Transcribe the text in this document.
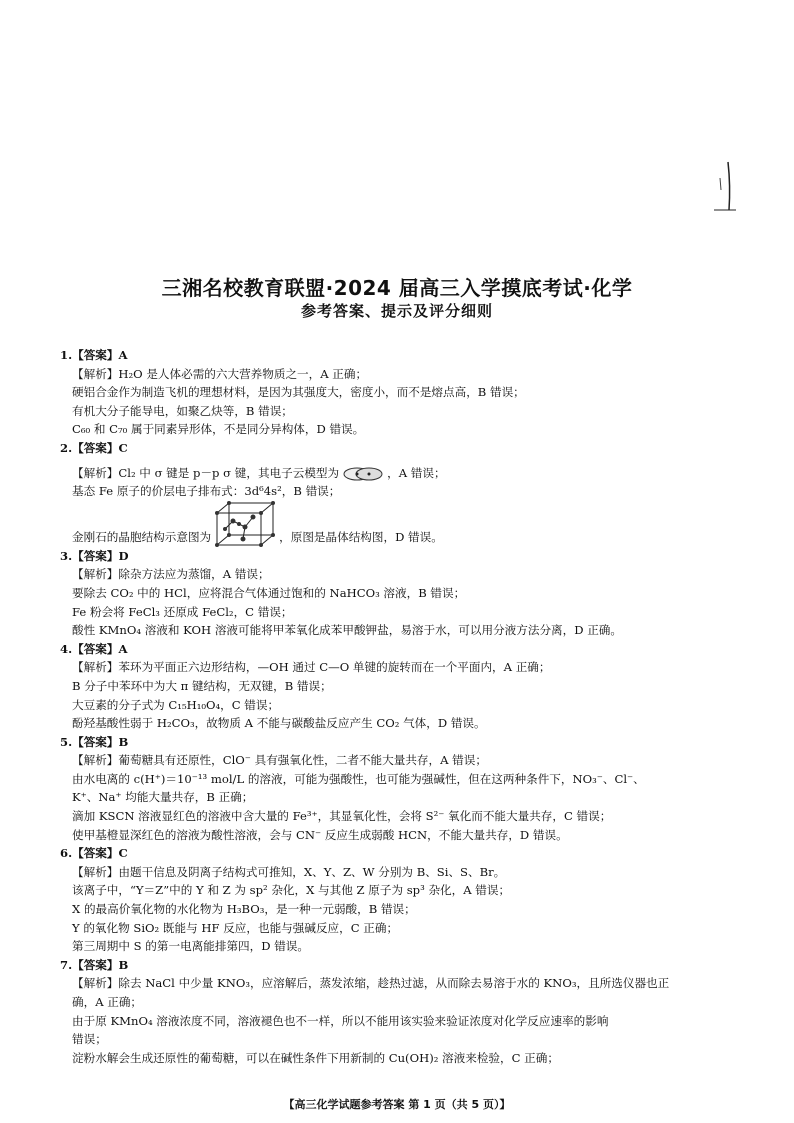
三湘名校教育联盟·2024 届高三入学摸底考试·化学
参考答案、提示及评分细则
1.【答案】A
【解析】H₂O 是人体必需的六大营养物质之一，A 正确；
硬铝合金作为制造飞机的理想材料，是因为其强度大，密度小，而不是熔点高，B 错误；
有机大分子能导电，如聚乙炔等，B 错误；
C₆₀ 和 C₇₀ 属于同素异形体，不是同分异构体，D 错误。
2.【答案】C
【解析】Cl₂ 中 σ 键是 p－p σ 键，其电子云模型为	，A 错误；
基态 Fe 原子的价层电子排布式：3d⁶4s²，B 错误；
金刚石的晶胞结构示意图为	，原图是晶体结构图，D 错误。
3.【答案】D
【解析】除杂方法应为蒸馏，A 错误；
要除去 CO₂ 中的 HCl，应将混合气体通过饱和的 NaHCO₃ 溶液，B 错误；
Fe 粉会将 FeCl₃ 还原成 FeCl₂，C 错误；
酸性 KMnO₄ 溶液和 KOH 溶液可能将甲苯氧化成苯甲酸钾盐，易溶于水，可以用分液方法分离，D 正确。
4.【答案】A
【解析】苯环为平面正六边形结构，—OH 通过 C—O 单键的旋转而在一个平面内，A 正确；
B 分子中苯环中为大 π 键结构，无双键，B 错误；
大豆素的分子式为 C₁₅H₁₀O₄，C 错误；
酚羟基酸性弱于 H₂CO₃，故物质 A 不能与碳酸盐反应产生 CO₂ 气体，D 错误。
5.【答案】B
【解析】葡萄糖具有还原性，ClO⁻ 具有强氧化性，二者不能大量共存，A 错误；
由水电离的 c(H⁺)＝10⁻¹³ mol/L 的溶液，可能为强酸性，也可能为强碱性，但在这两种条件下，NO₃⁻、Cl⁻、
K⁺、Na⁺ 均能大量共存，B 正确；
滴加 KSCN 溶液显红色的溶液中含大量的 Fe³⁺，其显氧化性，会将 S²⁻ 氧化而不能大量共存，C 错误；
使甲基橙显深红色的溶液为酸性溶液，会与 CN⁻ 反应生成弱酸 HCN，不能大量共存，D 错误。
6.【答案】C
【解析】由题干信息及阴离子结构式可推知，X、Y、Z、W 分别为 B、Si、S、Br。
该离子中，“Y＝Z”中的 Y 和 Z 为 sp² 杂化，X 与其他 Z 原子为 sp³ 杂化，A 错误；
X 的最高价氧化物的水化物为 H₃BO₃，是一种一元弱酸，B 错误；
Y 的氧化物 SiO₂ 既能与 HF 反应，也能与强碱反应，C 正确；
第三周期中 S 的第一电离能排第四，D 错误。
7.【答案】B
【解析】除去 NaCl 中少量 KNO₃，应溶解后，蒸发浓缩，趁热过滤，从而除去易溶于水的 KNO₃，且所选仪器也正
确，A 正确；
由于原 KMnO₄ 溶液浓度不同，溶液褪色也不一样，所以不能用该实验来验证浓度对化学反应速率的影响
错误；
淀粉水解会生成还原性的葡萄糖，可以在碱性条件下用新制的 Cu(OH)₂ 溶液来检验，C 正确；
【高三化学试题参考答案 第 1 页（共 5 页）】
